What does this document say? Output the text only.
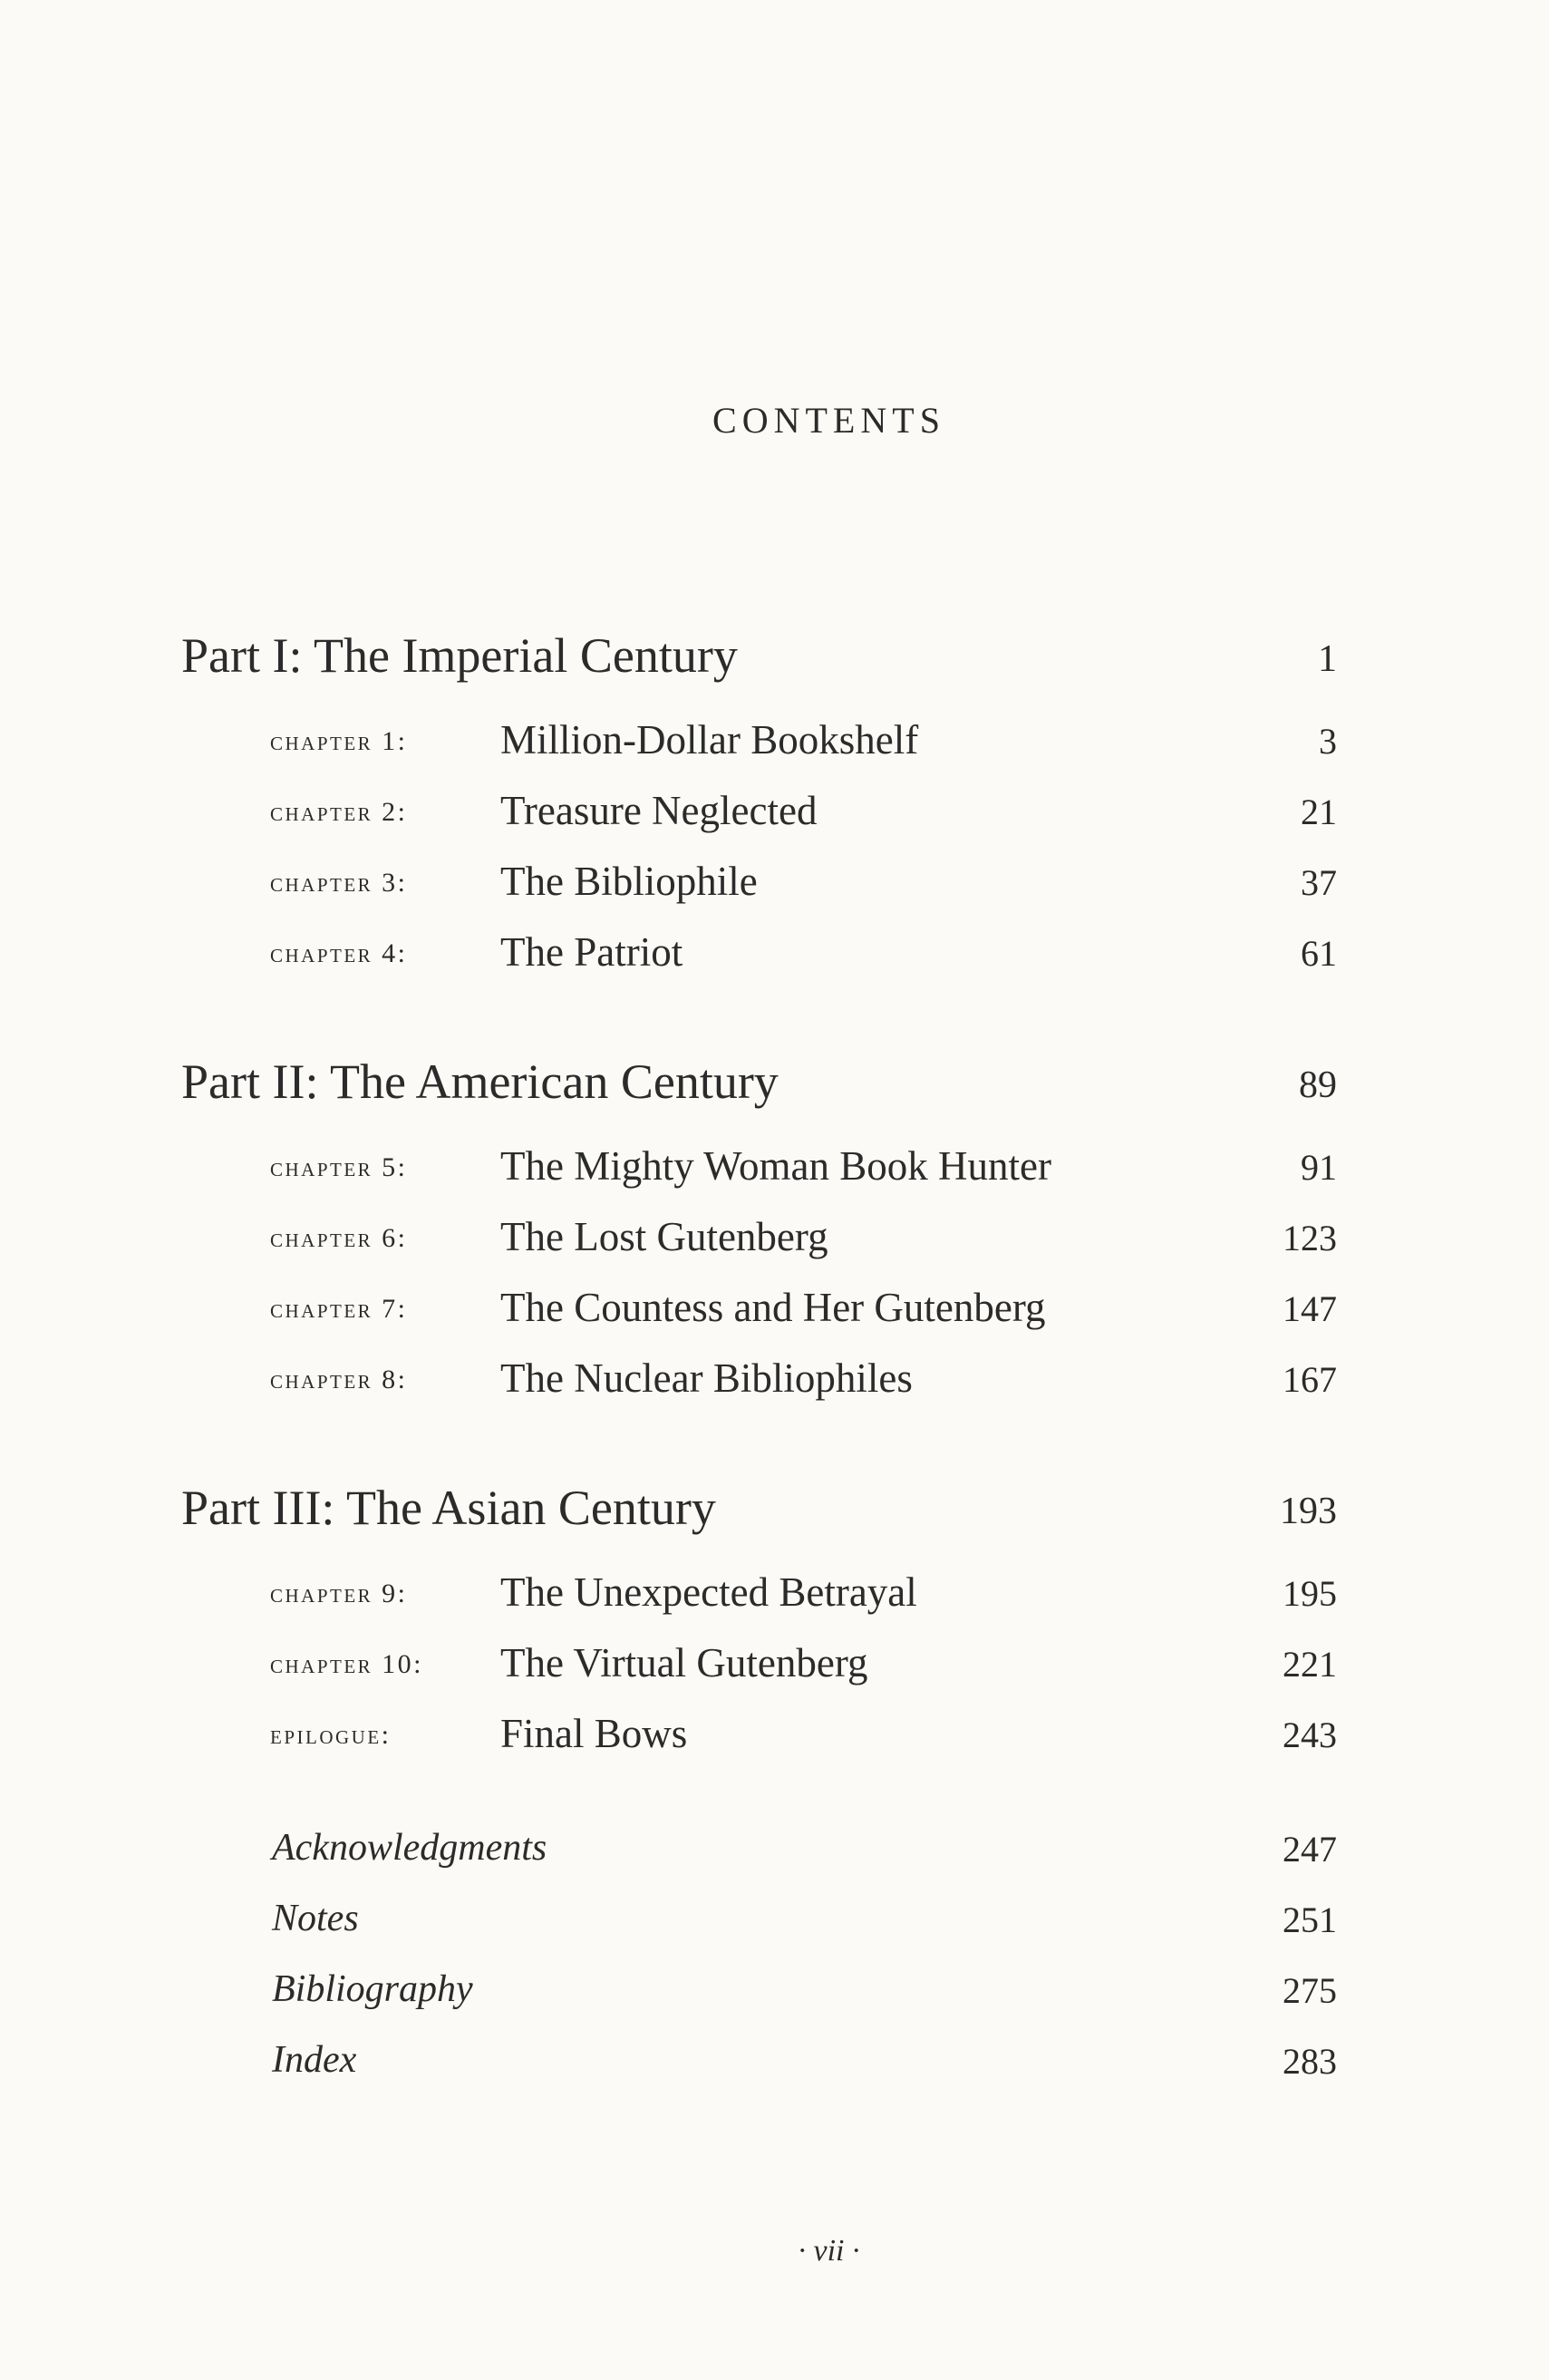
CONTENTS
Part I: The Imperial Century	1
chapter 1: Million-Dollar Bookshelf	3
chapter 2: Treasure Neglected	21
chapter 3: The Bibliophile	37
chapter 4: The Patriot	61
Part II: The American Century	89
chapter 5: The Mighty Woman Book Hunter	91
chapter 6: The Lost Gutenberg	123
chapter 7: The Countess and Her Gutenberg	147
chapter 8: The Nuclear Bibliophiles	167
Part III: The Asian Century	193
chapter 9: The Unexpected Betrayal	195
chapter 10: The Virtual Gutenberg	221
epilogue:	Final Bows	243
Acknowledgments	247
Notes	251
Bibliography	275
Index	283
· vii ·
